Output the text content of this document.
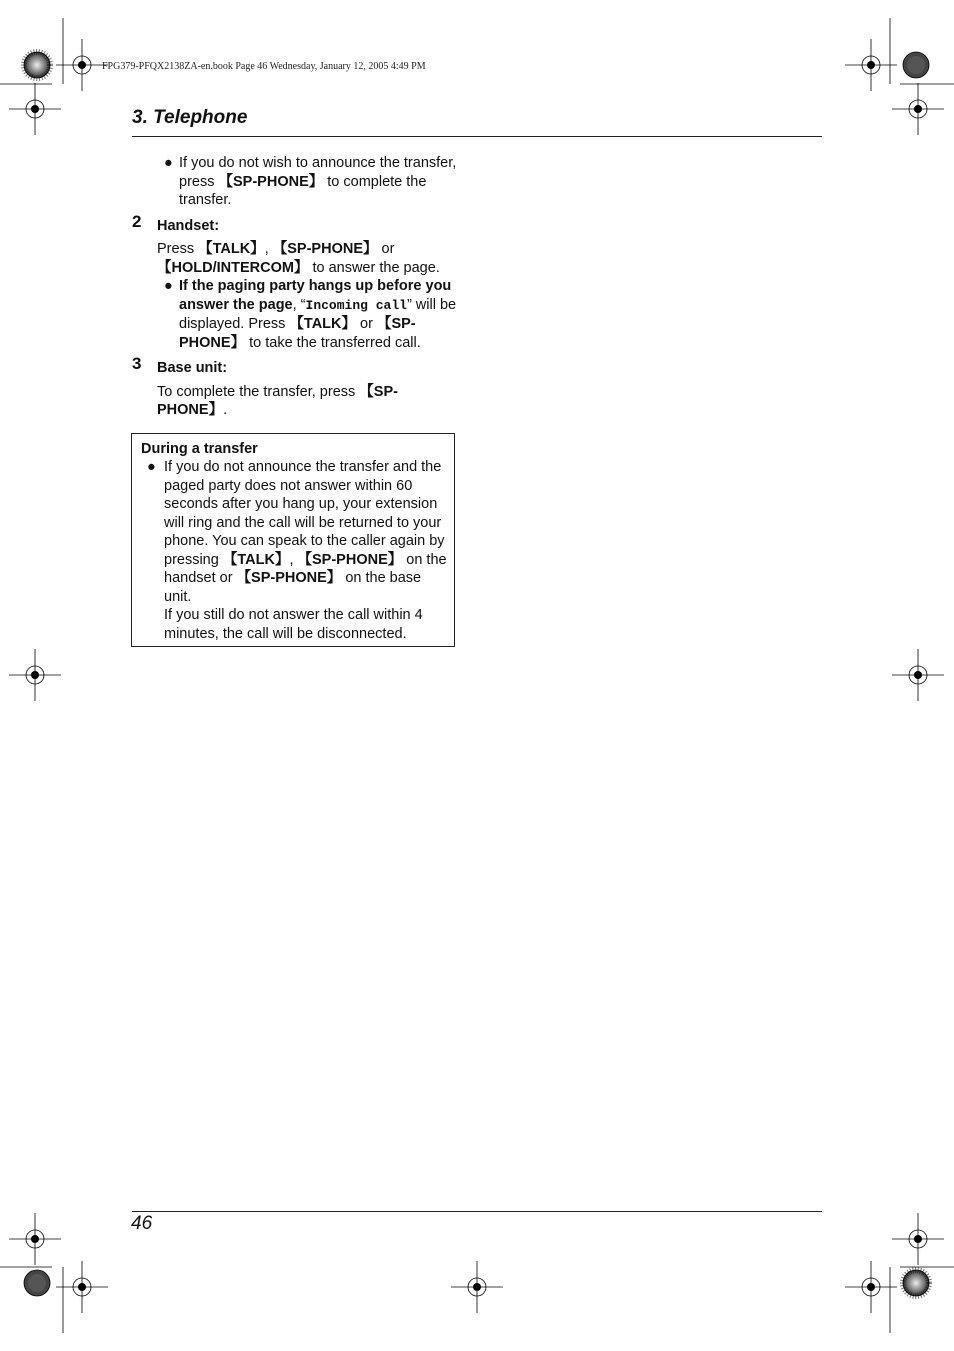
FPG379-PFQX2138ZA-en.book Page 46 Wednesday, January 12, 2005 4:49 PM
3. Telephone
● If you do not wish to announce the transfer, press 【SP-PHONE】 to complete the transfer.
2	Handset:
Press 【TALK】, 【SP-PHONE】 or
【HOLD/INTERCOM】 to answer the page.
● If the paging party hangs up before you answer the page, “Incoming call” will be displayed. Press 【TALK】 or 【SP-PHONE】 to take the transferred call.
3	Base unit:
To complete the transfer, press 【SP-PHONE】.
During a transfer
● If you do not announce the transfer and the paged party does not answer within 60 seconds after you hang up, your extension will ring and the call will be returned to your phone. You can speak to the caller again by pressing 【TALK】, 【SP-PHONE】 on the handset or 【SP-PHONE】 on the base unit.
If you still do not answer the call within 4 minutes, the call will be disconnected.
46
